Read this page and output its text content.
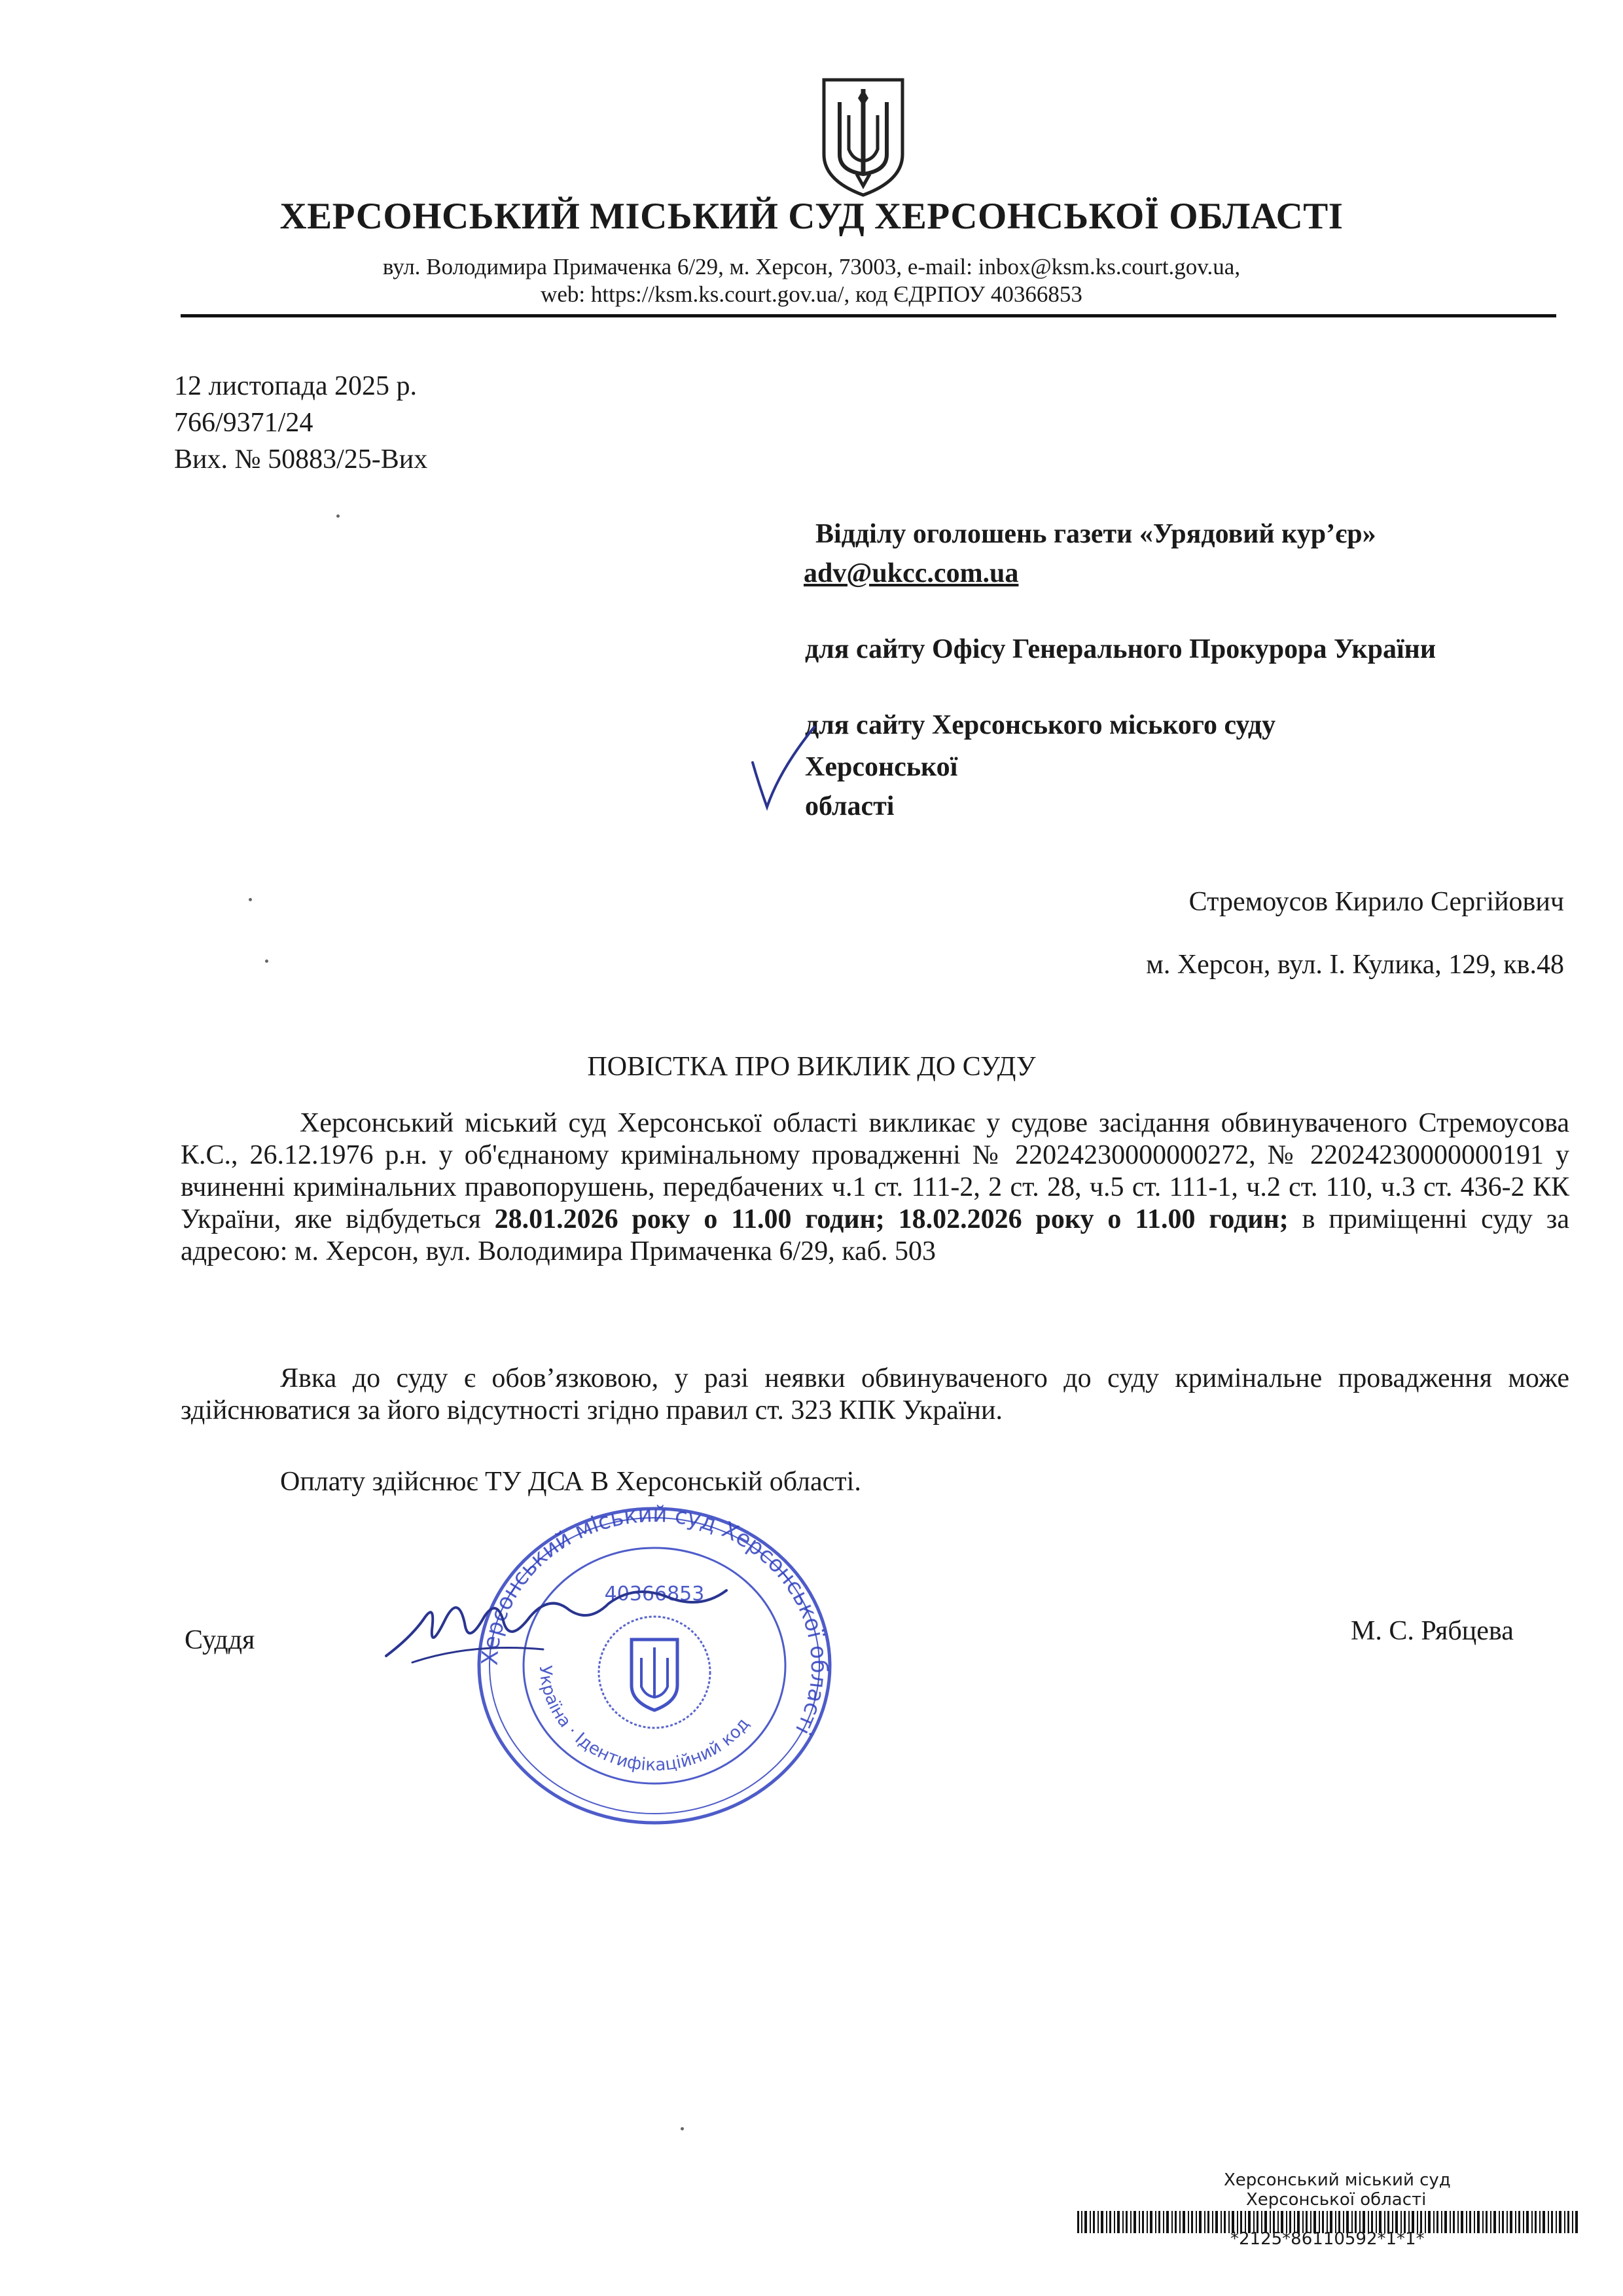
ХЕРСОНСЬКИЙ МІСЬКИЙ СУД ХЕРСОНСЬКОЇ ОБЛАСТІ
вул. Володимира Примаченка 6/29, м. Херсон, 73003, e-mail: inbox@ksm.ks.court.gov.ua,
web: https://ksm.ks.court.gov.ua/, код ЄДРПОУ 40366853
12 листопада 2025 р.
766/9371/24
Вих. № 50883/25-Вих
Відділу оголошень газети «Урядовий кур’єр»
adv@ukcc.com.ua
для сайту Офісу Генерального Прокурора України
для сайту Херсонського міського суду
Херсонської
області
Стремоусов Кирило Сергійович
м. Херсон, вул. І. Кулика, 129, кв.48
ПОВІСТКА ПРО ВИКЛИК ДО СУДУ
Херсонський міський суд Херсонської області викликає у судове засідання обвинуваченого Стремоусова К.С., 26.12.1976 р.н. у об'єднаному кримінальному провадженні № 22024230000000272, № 22024230000000191 у вчиненні кримінальних правопорушень, передбачених ч.1 ст. 111-2, 2 ст. 28, ч.5 ст. 111-1, ч.2 ст. 110, ч.3 ст. 436-2 КК України, яке відбудеться 28.01.2026 року о 11.00 годин; 18.02.2026 року о 11.00 годин; в приміщенні суду за адресою: м. Херсон, вул. Володимира Примаченка 6/29, каб. 503
Явка до суду є обов’язковою, у разі неявки обвинуваченого до суду кримінальне провадження може здійснюватися за його відсутності згідно правил ст. 323 КПК України.
Оплату здійснює ТУ ДСА В Херсонській області.
Суддя	М. С. Рябцева
Херсонський міський суд Херсонської області
Україна · Ідентифікаційний код
40366853
Херсонський міський суд
Херсонської області
*2125*86110592*1*1*
